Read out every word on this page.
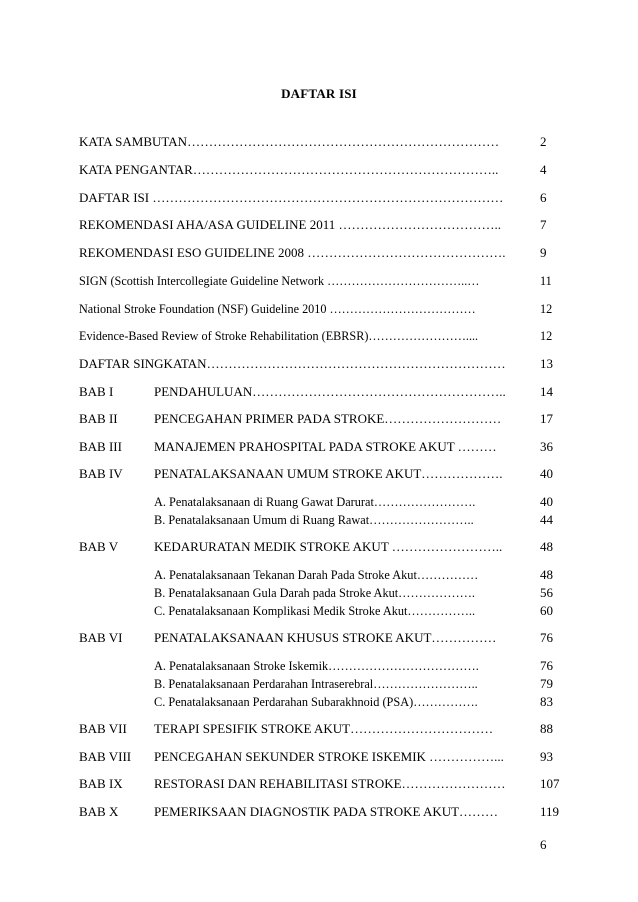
DAFTAR ISI
KATA SAMBUTAN………………………………………………………………	2
KATA PENGANTAR……………………………………………………………..	4
DAFTAR ISI ………………………………………………………………………	6
REKOMENDASI AHA/ASA GUIDELINE 2011 ………………………………..	7
REKOMENDASI ESO GUIDELINE 2008 ……………………………………….	9
SIGN (Scottish Intercollegiate Guideline Network ……………………………..…	11
National Stroke Foundation (NSF) Guideline 2010 ………………………………	12
Evidence-Based Review of Stroke Rehabilitation (EBRSR)……………………....	12
DAFTAR SINGKATAN……………………………………………………………	13
BAB I	PENDAHULUAN…………………………………………………..	14
BAB II	PENCEGAHAN PRIMER PADA STROKE………………………	17
BAB III MANAJEMEN PRAHOSPITAL PADA STROKE AKUT ………	36
BAB IV PENATALAKSANAAN UMUM STROKE AKUT……………….	40
A. Penatalaksanaan di Ruang Gawat Darurat…………………….	40
B. Penatalaksanaan Umum di Ruang Rawat……………………..	44
BAB V	KEDARURATAN MEDIK STROKE AKUT ……………………..	48
A. Penatalaksanaan Tekanan Darah Pada Stroke Akut……………	48
B. Penatalaksanaan Gula Darah pada Stroke Akut……………….	56
C. Penatalaksanaan Komplikasi Medik Stroke Akut……………..	60
BAB VI PENATALAKSANAAN KHUSUS STROKE AKUT……………	76
A. Penatalaksanaan Stroke Iskemik……………………………….	76
B. Penatalaksanaan Perdarahan Intraserebral……………………..	79
C. Penatalaksanaan Perdarahan Subarakhnoid (PSA)…………….	83
BAB VII TERAPI SPESIFIK STROKE AKUT……………………………	88
BAB VIII PENCEGAHAN SEKUNDER STROKE ISKEMIK ……………...	93
BAB IX RESTORASI DAN REHABILITASI STROKE……………………	107
BAB X	PEMERIKSAAN DIAGNOSTIK PADA STROKE AKUT………	119
6
